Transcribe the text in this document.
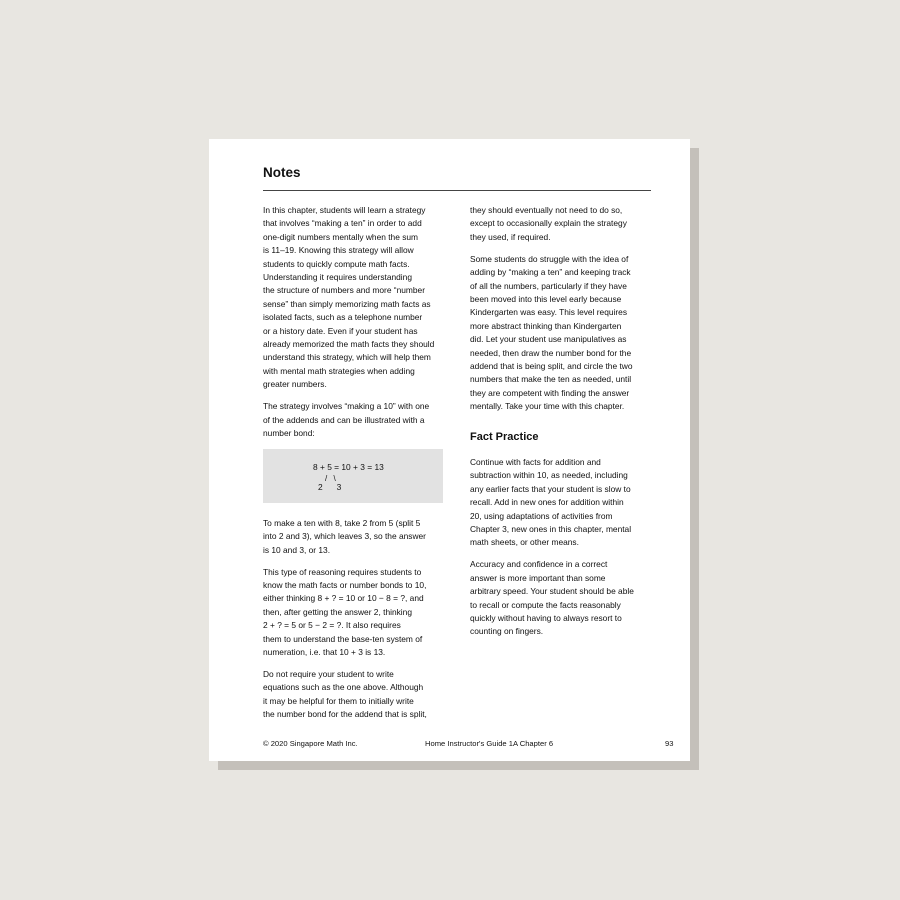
Notes

In this chapter, students will learn a strategy
that involves “making a ten” in order to add
one-digit numbers mentally when the sum
is 11–19. Knowing this strategy will allow
students to quickly compute math facts.
Understanding it requires understanding
the structure of numbers and more “number
sense” than simply memorizing math facts as
isolated facts, such as a telephone number
or a history date. Even if your student has
already memorized the math facts they should
understand this strategy, which will help them
with mental math strategies when adding
greater numbers.

The strategy involves “making a 10” with one
of the addends and can be illustrated with a
number bond:

8 + 5 = 10 + 3 = 13
/ \
2 3

To make a ten with 8, take 2 from 5 (split 5
into 2 and 3), which leaves 3, so the answer
is 10 and 3, or 13.

This type of reasoning requires students to
know the math facts or number bonds to 10,
either thinking 8 + ? = 10 or 10 − 8 = ?, and
then, after getting the answer 2, thinking
2 + ? = 5 or 5 − 2 = ?. It also requires
them to understand the base-ten system of
numeration, i.e. that 10 + 3 is 13.

Do not require your student to write
equations such as the one above. Although
it may be helpful for them to initially write
the number bond for the addend that is split,

they should eventually not need to do so,
except to occasionally explain the strategy
they used, if required.

Some students do struggle with the idea of
adding by “making a ten” and keeping track
of all the numbers, particularly if they have
been moved into this level early because
Kindergarten was easy. This level requires
more abstract thinking than Kindergarten
did. Let your student use manipulatives as
needed, then draw the number bond for the
addend that is being split, and circle the two
numbers that make the ten as needed, until
they are competent with finding the answer
mentally. Take your time with this chapter.

Fact Practice

Continue with facts for addition and
subtraction within 10, as needed, including
any earlier facts that your student is slow to
recall. Add in new ones for addition within
20, using adaptations of activities from
Chapter 3, new ones in this chapter, mental
math sheets, or other means.

Accuracy and confidence in a correct
answer is more important than some
arbitrary speed. Your student should be able
to recall or compute the facts reasonably
quickly without having to always resort to
counting on fingers.

© 2020 Singapore Math Inc.	Home Instructor's Guide 1A Chapter 6	93
